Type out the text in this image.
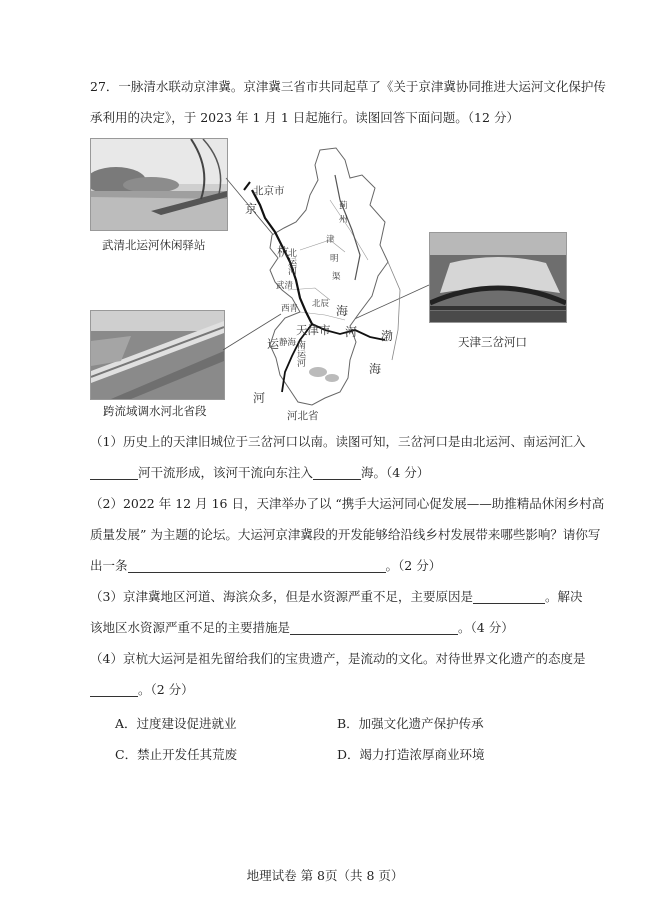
27．一脉清水联动京津冀。京津冀三省市共同起草了《关于京津冀协同推进大运河文化保护传
承利用的决定》，于 2023 年 1 月 1 日起施行。读图回答下面问题。（12 分）
武清北运河休闲驿站
跨流域调水河北省段
天津三岔河口
北京市
京
杭
运
河
天津市
海
河 渤
海
河北省
北运河
南运河
蓟
州
津
明
渠
武清
北辰
西青
静海
（1）历史上的天津旧城位于三岔河口以南。读图可知，三岔河口是由北运河、南运河汇入
河干流形成，该河干流向东注入	海。（4 分）
（2）2022 年 12 月 16 日，天津举办了以 “携手大运河同心促发展——助推精品休闲乡村高
质量发展” 为主题的论坛。大运河京津冀段的开发能够给沿线乡村发展带来哪些影响？请你写
出一条	。（2 分）
（3）京津冀地区河道、海滨众多，但是水资源严重不足，主要原因是	。解决
该地区水资源严重不足的主要措施是	。（4 分）
（4）京杭大运河是祖先留给我们的宝贵遗产，是流动的文化。对待世界文化遗产的态度是
。（2 分）
A．过度建设促进就业	B．加强文化遗产保护传承
C．禁止开发任其荒废	D．竭力打造浓厚商业环境
地理试卷 第 8页（共 8 页）
